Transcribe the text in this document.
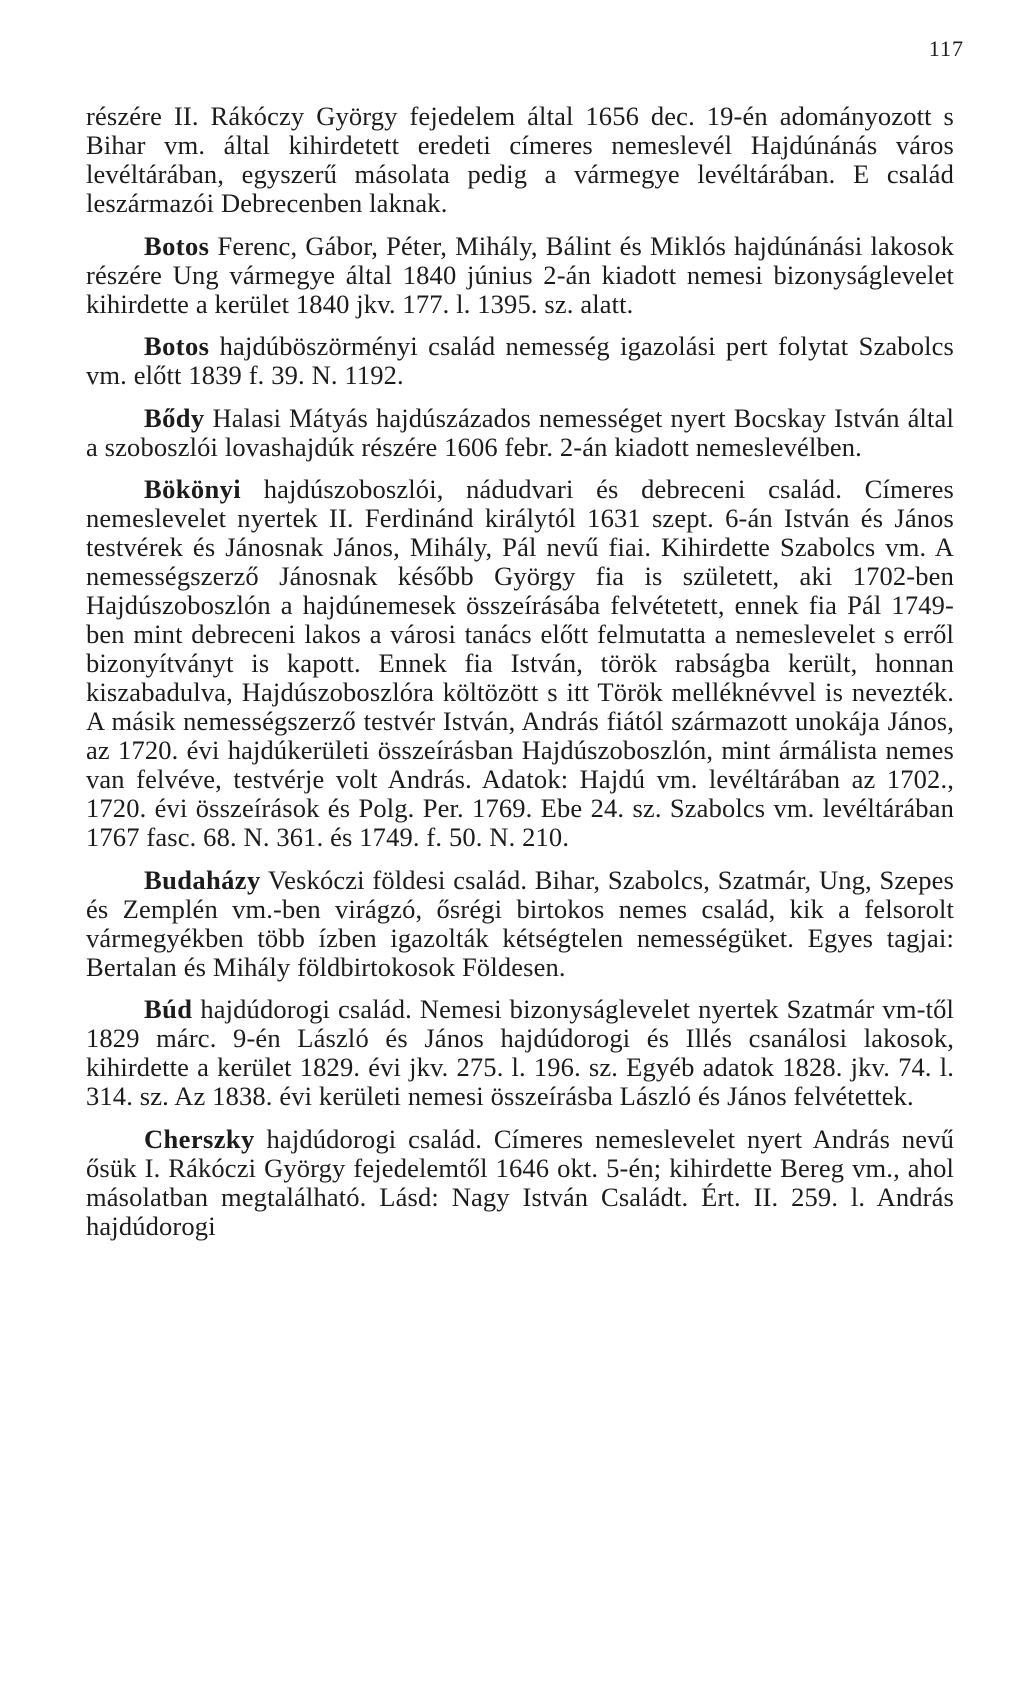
117

részére II. Rákóczy György fejedelem által 1656 dec. 19-én adományozott s Bihar vm. által kihirdetett eredeti címeres nemeslevél Hajdúnánás város levéltárában, egyszerű másolata pedig a vármegye levéltárában. E család leszármazói Debrecenben laknak.

Botos Ferenc, Gábor, Péter, Mihály, Bálint és Miklós hajdúnánási lakosok részére Ung vármegye által 1840 június 2-án kiadott nemesi bizonyságlevelet kihirdette a kerület 1840 jkv. 177. l. 1395. sz. alatt.

Botos hajdúböszörményi család nemesség igazolási pert folytat Szabolcs vm. előtt 1839 f. 39. N. 1192.

Bődy Halasi Mátyás hajdúszázados nemességet nyert Bocskay István által a szoboszlói lovashajdúk részére 1606 febr. 2-án kiadott nemeslevélben.

Bökönyi hajdúszoboszlói, nádudvari és debreceni család. Címeres nemeslevelet nyertek II. Ferdinánd királytól 1631 szept. 6-án István és János testvérek és Jánosnak János, Mihály, Pál nevű fiai. Kihirdette Szabolcs vm. A nemességszerző Jánosnak később György fia is született, aki 1702-ben Hajdúszoboszlón a hajdúnemesek összeírásába felvétetett, ennek fia Pál 1749-ben mint debreceni lakos a városi tanács előtt felmutatta a nemeslevelet s erről bizonyítványt is kapott. Ennek fia István, török rabságba került, honnan kiszabadulva, Hajdúszoboszlóra költözött s itt Török melléknévvel is nevezték. A másik nemességszerző testvér István, András fiától származott unokája János, az 1720. évi hajdúkerületi összeírásban Hajdúszoboszlón, mint ármálista nemes van felvéve, testvérje volt András. Adatok: Hajdú vm. levéltárában az 1702., 1720. évi összeírások és Polg. Per. 1769. Ebe 24. sz. Szabolcs vm. levéltárában 1767 fasc. 68. N. 361. és 1749. f. 50. N. 210.

Budaházy Veskóczi földesi család. Bihar, Szabolcs, Szatmár, Ung, Szepes és Zemplén vm.-ben virágzó, ősrégi birtokos nemes család, kik a felsorolt vármegyékben több ízben igazolták kétségtelen nemességüket. Egyes tagjai: Bertalan és Mihály földbirtokosok Földesen.

Búd hajdúdorogi család. Nemesi bizonyságlevelet nyertek Szatmár vm-től 1829 márc. 9-én László és János hajdúdorogi és Illés csanálosi lakosok, kihirdette a kerület 1829. évi jkv. 275. l. 196. sz. Egyéb adatok 1828. jkv. 74. l. 314. sz. Az 1838. évi kerületi nemesi összeírásba László és János felvétettek.

Cherszky hajdúdorogi család. Címeres nemeslevelet nyert András nevű ősük I. Rákóczi György fejedelemtől 1646 okt. 5-én; kihirdette Bereg vm., ahol másolatban megtalálható. Lásd: Nagy István Családt. Ért. II. 259. l. András hajdúdorogi
